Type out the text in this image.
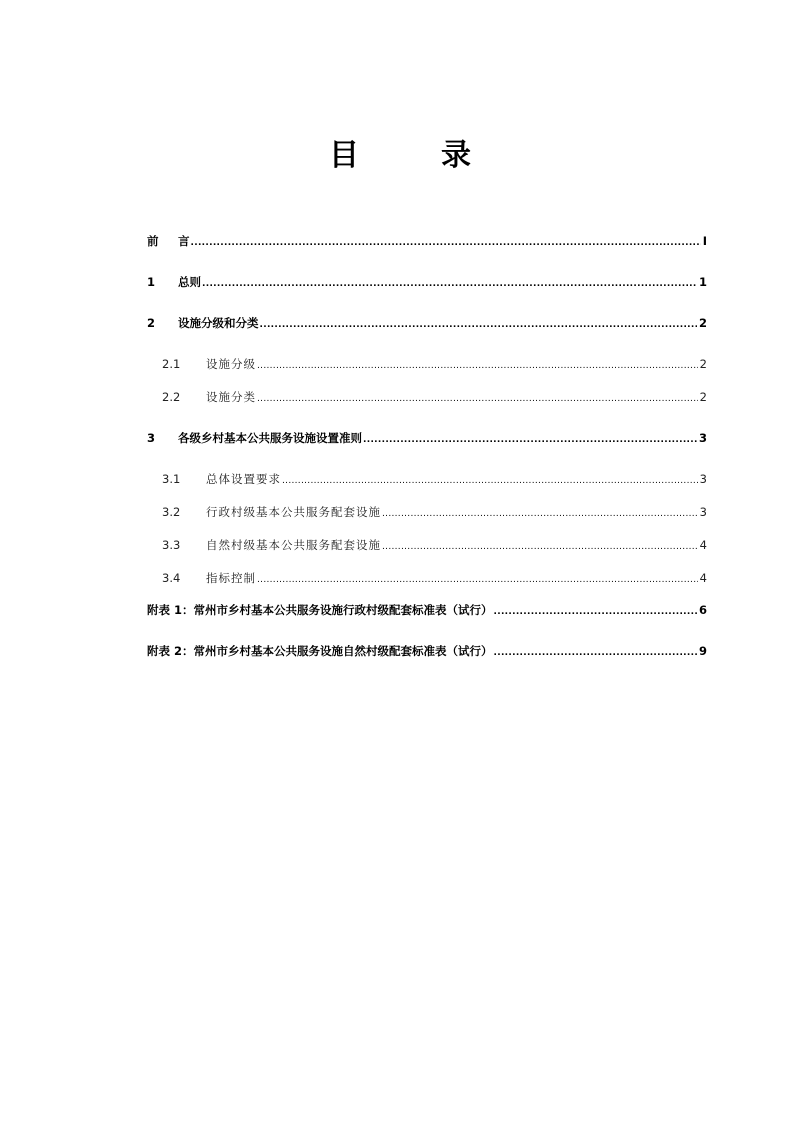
目　录
前	言 .....	I
1	总则 .....	1
2	设施分级和分类 .....	2
2.1	设施分级 .....	2
2.2	设施分类 .....	2
3	各级乡村基本公共服务设施设置准则 .....	3
3.1	总体设置要求 .....	3
3.2	行政村级基本公共服务配套设施 .....	3
3.3	自然村级基本公共服务配套设施 .....	4
3.4	指标控制 .....	4
附表 1： 常州市乡村基本公共服务设施行政村级配套标准表（试行） .....	6
附表 2： 常州市乡村基本公共服务设施自然村级配套标准表（试行） .....	9
